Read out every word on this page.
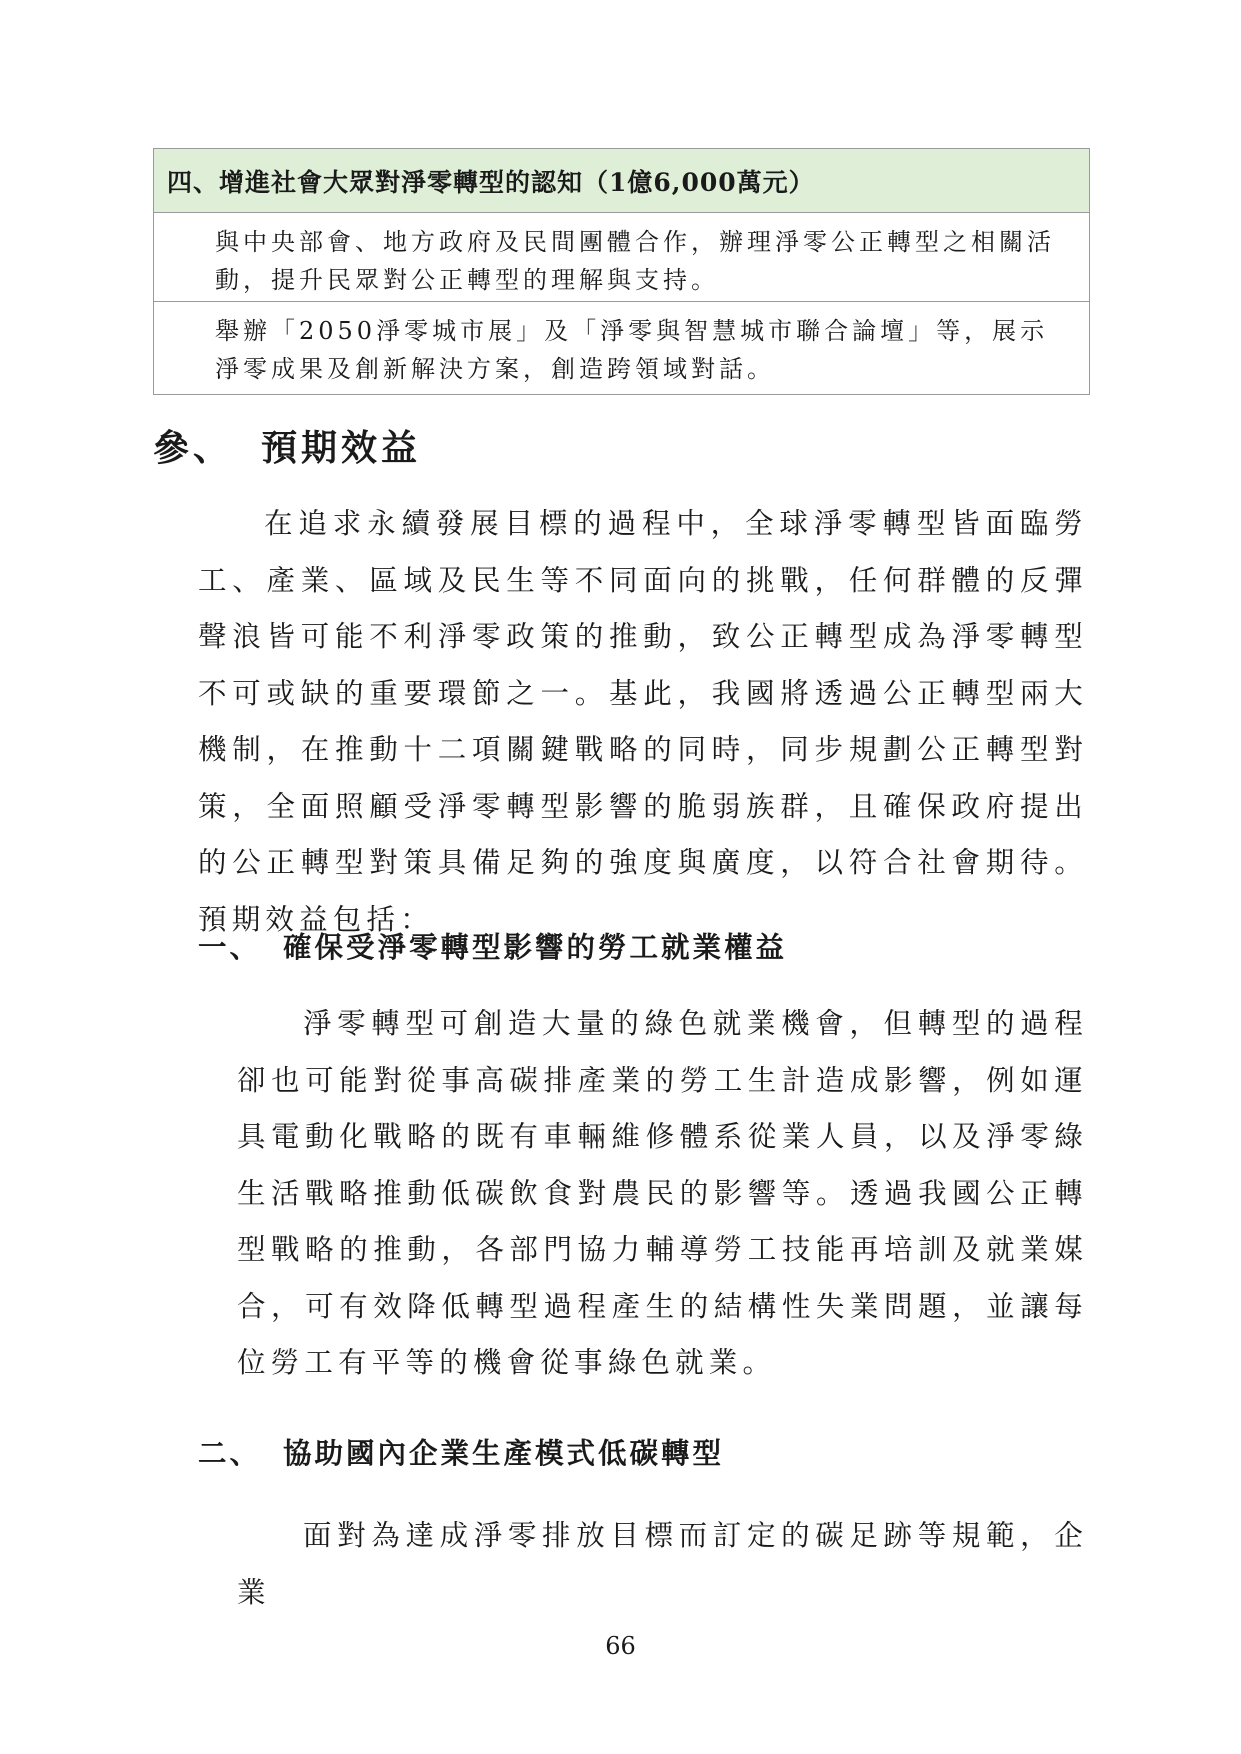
四、增進社會大眾對淨零轉型的認知（1億6,000萬元）
與中央部會、地方政府及民間團體合作，辦理淨零公正轉型之相關活動，提升民眾對公正轉型的理解與支持。
舉辦「2050淨零城市展」及「淨零與智慧城市聯合論壇」等，展示淨零成果及創新解決方案，創造跨領域對話。
參、 預期效益
在追求永續發展目標的過程中，全球淨零轉型皆面臨勞工、產業、區域及民生等不同面向的挑戰，任何群體的反彈聲浪皆可能不利淨零政策的推動，致公正轉型成為淨零轉型不可或缺的重要環節之一。基此，我國將透過公正轉型兩大機制，在推動十二項關鍵戰略的同時，同步規劃公正轉型對策，全面照顧受淨零轉型影響的脆弱族群，且確保政府提出的公正轉型對策具備足夠的強度與廣度，以符合社會期待。預期效益包括：
一、 確保受淨零轉型影響的勞工就業權益
淨零轉型可創造大量的綠色就業機會，但轉型的過程卻也可能對從事高碳排產業的勞工生計造成影響，例如運具電動化戰略的既有車輛維修體系從業人員，以及淨零綠生活戰略推動低碳飲食對農民的影響等。透過我國公正轉型戰略的推動，各部門協力輔導勞工技能再培訓及就業媒合，可有效降低轉型過程產生的結構性失業問題，並讓每位勞工有平等的機會從事綠色就業。
二、 協助國內企業生產模式低碳轉型
面對為達成淨零排放目標而訂定的碳足跡等規範，企業
66
